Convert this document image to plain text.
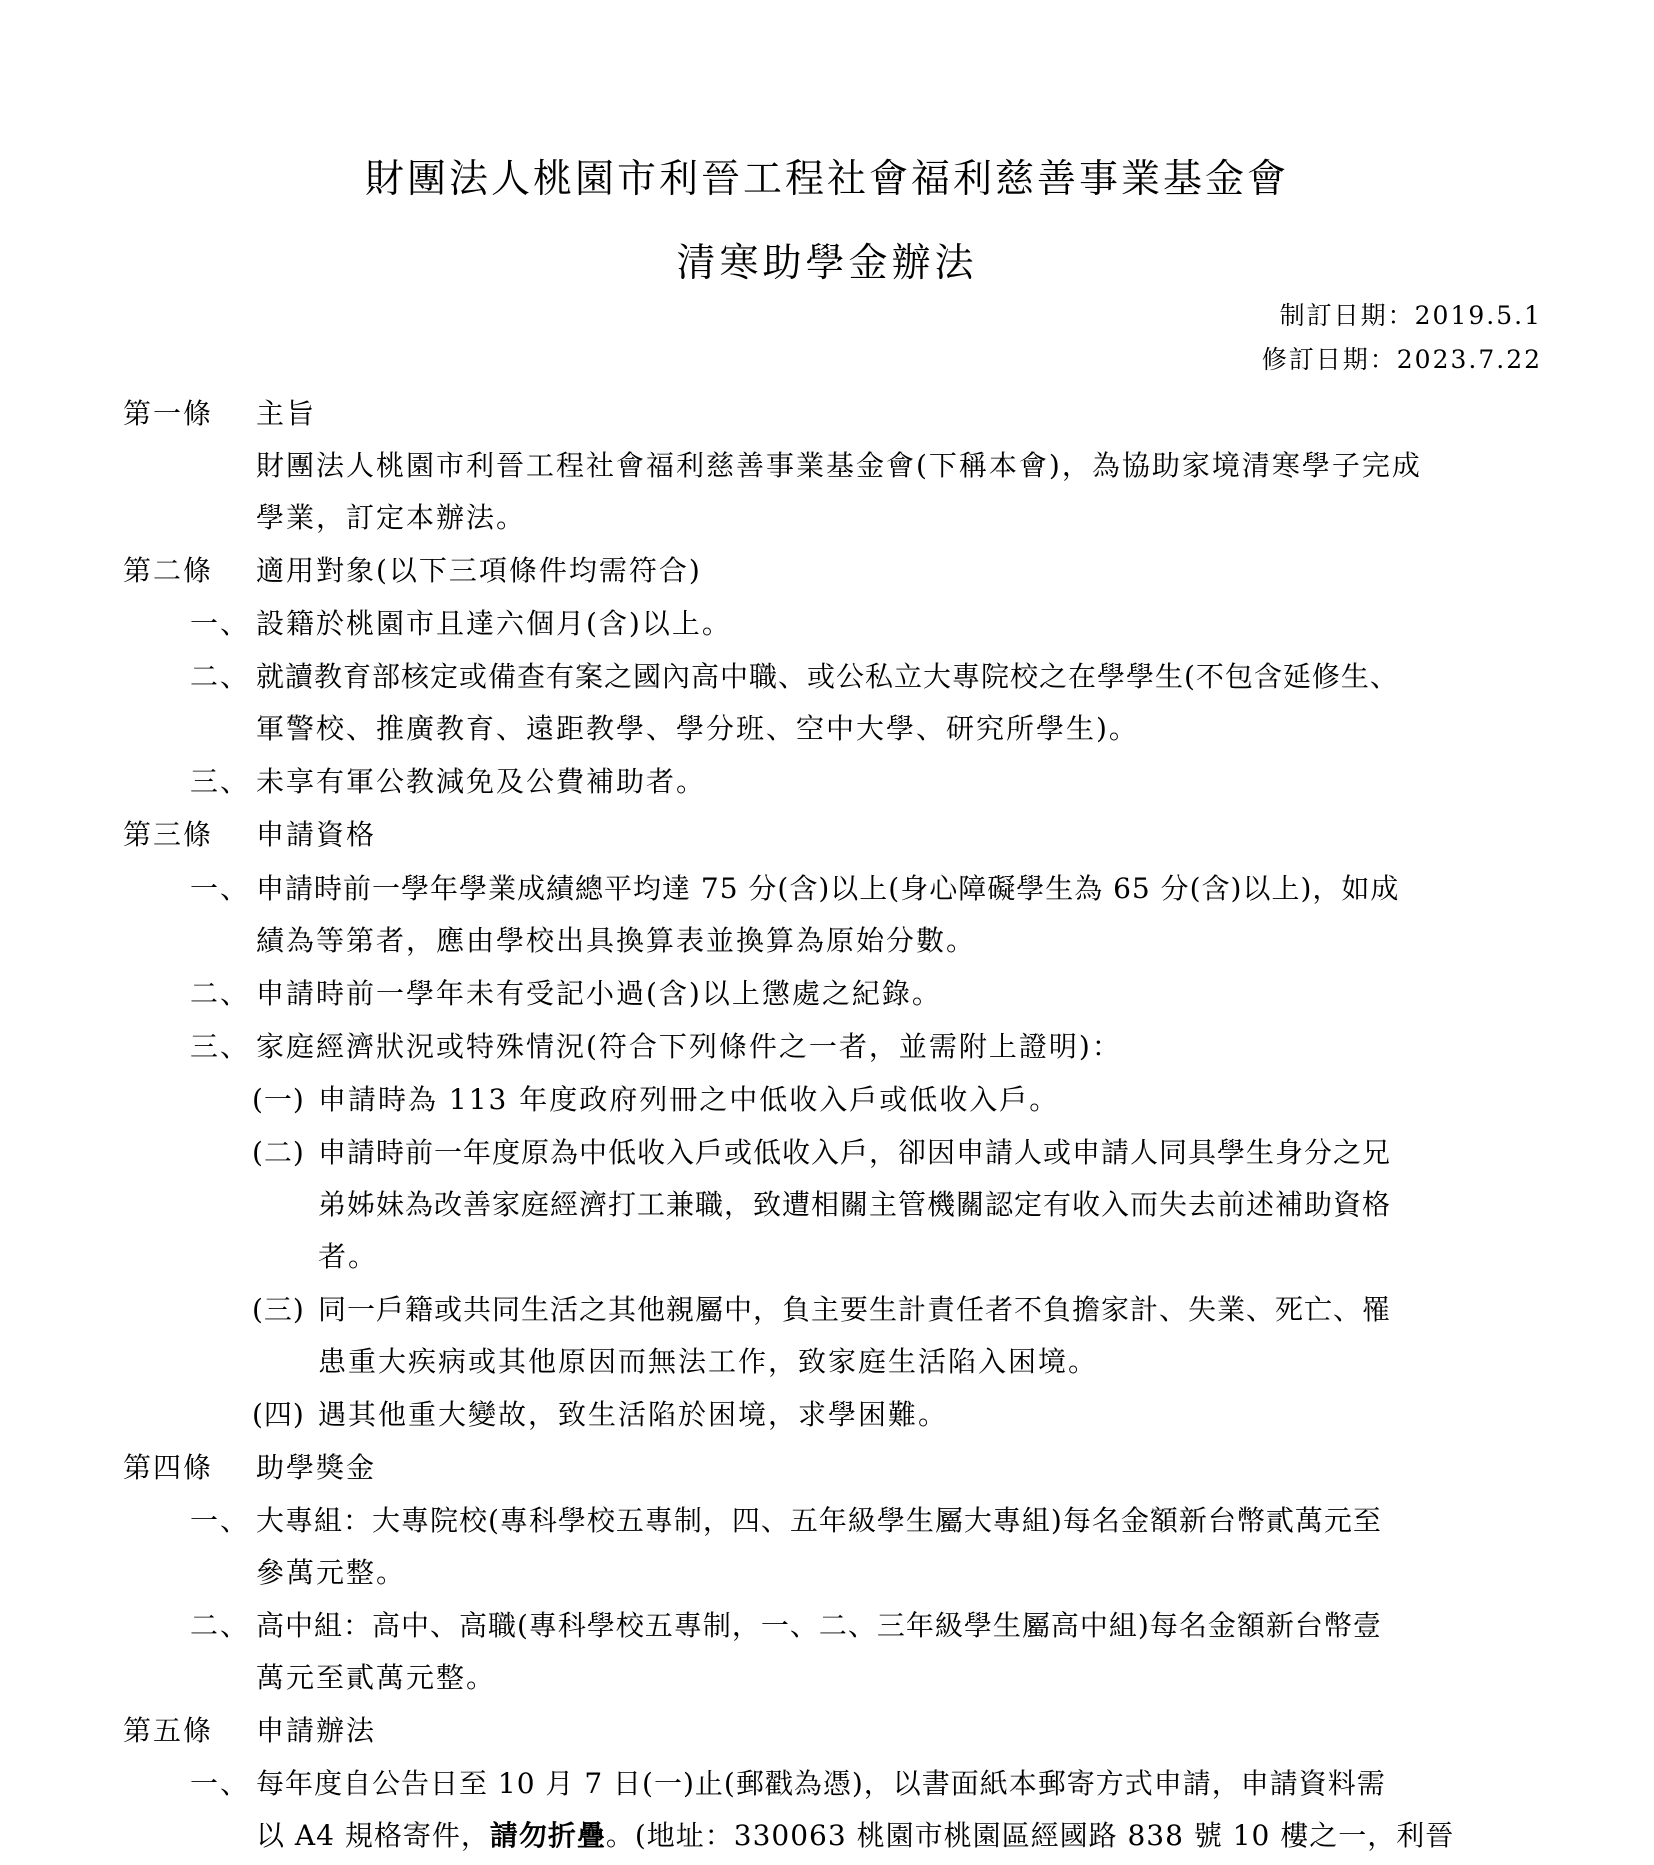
財團法人桃園市利晉工程社會福利慈善事業基金會
清寒助學金辦法
制訂日期：2019.5.1
修訂日期：2023.7.22
第一條 主旨
財團法人桃園市利晉工程社會福利慈善事業基金會(下稱本會)，為協助家境清寒學子完成
學業，訂定本辦法。
第二條 適用對象(以下三項條件均需符合)
一、 設籍於桃園市且達六個月(含)以上。
二、 就讀教育部核定或備查有案之國內高中職、或公私立大專院校之在學學生(不包含延修生、
軍警校、推廣教育、遠距教學、學分班、空中大學、研究所學生)。
三、 未享有軍公教減免及公費補助者。
第三條 申請資格
一、 申請時前一學年學業成績總平均達 75 分(含)以上(身心障礙學生為 65 分(含)以上)，如成
績為等第者，應由學校出具換算表並換算為原始分數。
二、 申請時前一學年未有受記小過(含)以上懲處之紀錄。
三、 家庭經濟狀況或特殊情況(符合下列條件之一者，並需附上證明)：
(一) 申請時為 113 年度政府列冊之中低收入戶或低收入戶。
(二) 申請時前一年度原為中低收入戶或低收入戶，卻因申請人或申請人同具學生身分之兄
弟姊妹為改善家庭經濟打工兼職，致遭相關主管機關認定有收入而失去前述補助資格
者。
(三) 同一戶籍或共同生活之其他親屬中，負主要生計責任者不負擔家計、失業、死亡、罹
患重大疾病或其他原因而無法工作，致家庭生活陷入困境。
(四) 遇其他重大變故，致生活陷於困境，求學困難。
第四條 助學獎金
一、 大專組：大專院校(專科學校五專制，四、五年級學生屬大專組)每名金額新台幣貳萬元至
參萬元整。
二、 高中組：高中、高職(專科學校五專制，一、二、三年級學生屬高中組)每名金額新台幣壹
萬元至貳萬元整。
第五條 申請辦法
一、 每年度自公告日至 10 月 7 日(一)止(郵戳為憑)，以書面紙本郵寄方式申請，申請資料需
以 A4 規格寄件，請勿折疊。(地址：330063 桃園市桃園區經國路 838 號 10 樓之一，利晉
